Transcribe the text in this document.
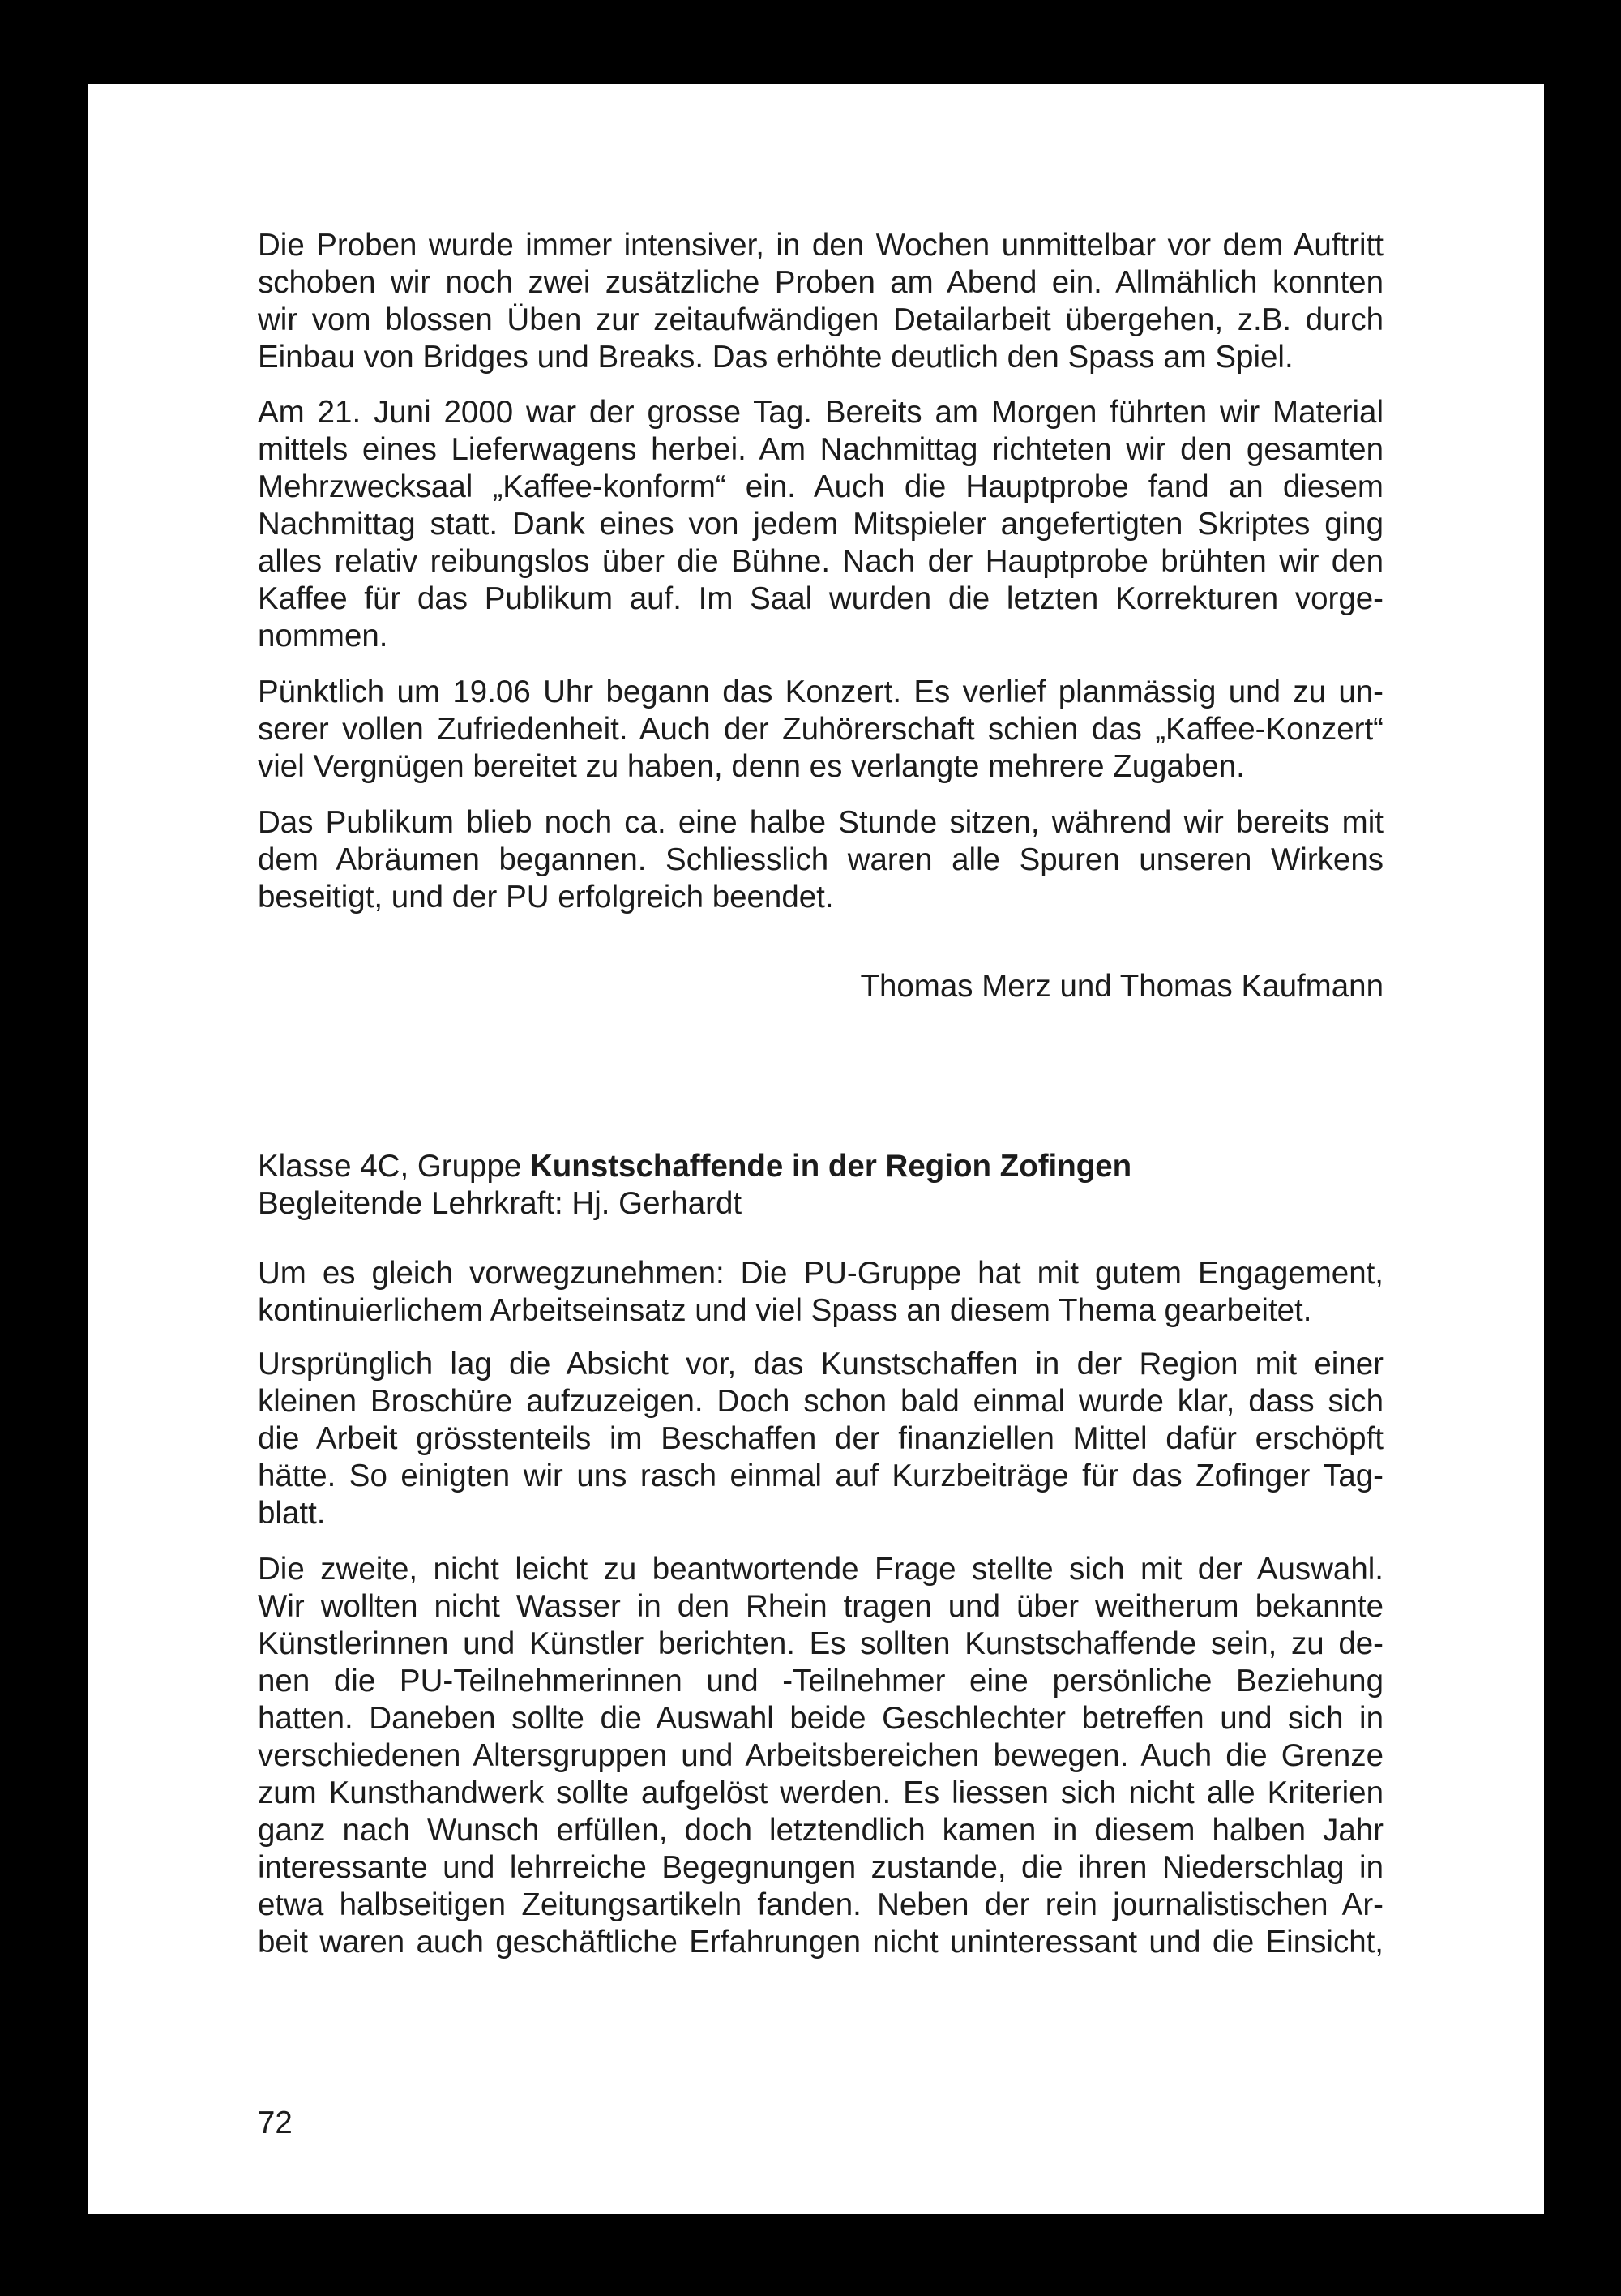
Die Proben wurde immer intensiver, in den Wochen unmittelbar vor dem Auftritt
schoben wir noch zwei zusätzliche Proben am Abend ein. Allmählich konnten
wir vom blossen Üben zur zeitaufwändigen Detailarbeit übergehen, z.B. durch
Einbau von Bridges und Breaks. Das erhöhte deutlich den Spass am Spiel.
Am 21. Juni 2000 war der grosse Tag. Bereits am Morgen führten wir Material
mittels eines Lieferwagens herbei. Am Nachmittag richteten wir den gesamten
Mehrzwecksaal „Kaffee-konform“ ein. Auch die Hauptprobe fand an diesem
Nachmittag statt. Dank eines von jedem Mitspieler angefertigten Skriptes ging
alles relativ reibungslos über die Bühne. Nach der Hauptprobe brühten wir den
Kaffee für das Publikum auf. Im Saal wurden die letzten Korrekturen vorge-
nommen.
Pünktlich um 19.06 Uhr begann das Konzert. Es verlief planmässig und zu un-
serer vollen Zufriedenheit. Auch der Zuhörerschaft schien das „Kaffee-Konzert“
viel Vergnügen bereitet zu haben, denn es verlangte mehrere Zugaben.
Das Publikum blieb noch ca. eine halbe Stunde sitzen, während wir bereits mit
dem Abräumen begannen. Schliesslich waren alle Spuren unseren Wirkens
beseitigt, und der PU erfolgreich beendet.
Thomas Merz und Thomas Kaufmann
Klasse 4C, Gruppe Kunstschaffende in der Region Zofingen
Begleitende Lehrkraft: Hj. Gerhardt
Um es gleich vorwegzunehmen: Die PU-Gruppe hat mit gutem Engagement,
kontinuierlichem Arbeitseinsatz und viel Spass an diesem Thema gearbeitet.
Ursprünglich lag die Absicht vor, das Kunstschaffen in der Region mit einer
kleinen Broschüre aufzuzeigen. Doch schon bald einmal wurde klar, dass sich
die Arbeit grösstenteils im Beschaffen der finanziellen Mittel dafür erschöpft
hätte. So einigten wir uns rasch einmal auf Kurzbeiträge für das Zofinger Tag-
blatt.
Die zweite, nicht leicht zu beantwortende Frage stellte sich mit der Auswahl.
Wir wollten nicht Wasser in den Rhein tragen und über weitherum bekannte
Künstlerinnen und Künstler berichten. Es sollten Kunstschaffende sein, zu de-
nen die PU-Teilnehmerinnen und -Teilnehmer eine persönliche Beziehung
hatten. Daneben sollte die Auswahl beide Geschlechter betreffen und sich in
verschiedenen Altersgruppen und Arbeitsbereichen bewegen. Auch die Grenze
zum Kunsthandwerk sollte aufgelöst werden. Es liessen sich nicht alle Kriterien
ganz nach Wunsch erfüllen, doch letztendlich kamen in diesem halben Jahr
interessante und lehrreiche Begegnungen zustande, die ihren Niederschlag in
etwa halbseitigen Zeitungsartikeln fanden. Neben der rein journalistischen Ar-
beit waren auch geschäftliche Erfahrungen nicht uninteressant und die Einsicht,
72
